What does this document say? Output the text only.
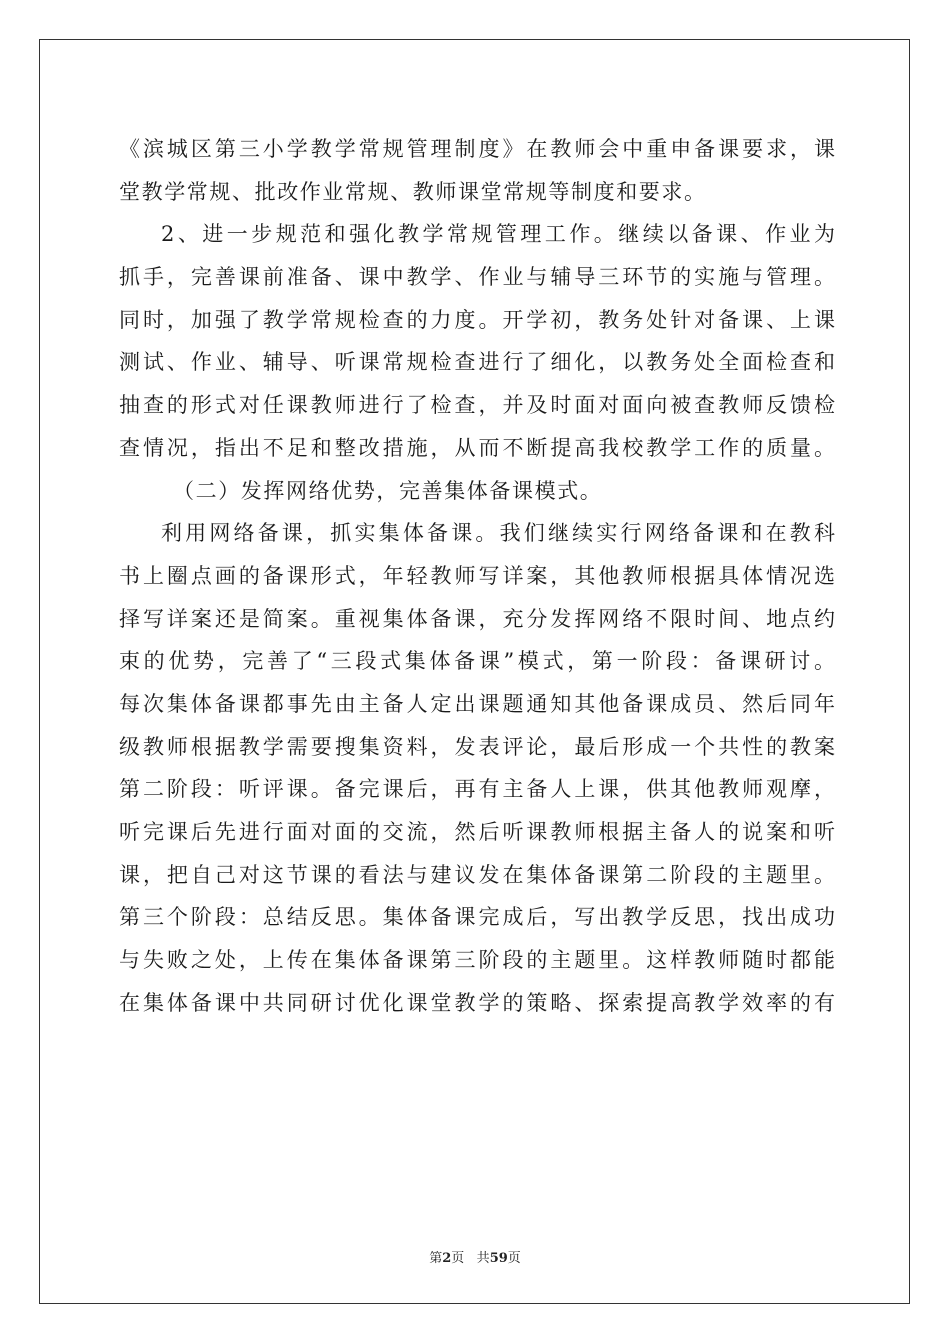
《滨城区第三小学教学常规管理制度》在教师会中重申备课要求，课
堂教学常规、批改作业常规、教师课堂常规等制度和要求。
2、进一步规范和强化教学常规管理工作。继续以备课、作业为
抓手，完善课前准备、课中教学、作业与辅导三环节的实施与管理。
同时，加强了教学常规检查的力度。开学初，教务处针对备课、上课
测试、作业、辅导、听课常规检查进行了细化，以教务处全面检查和
抽查的形式对任课教师进行了检查，并及时面对面向被查教师反馈检
查情况，指出不足和整改措施，从而不断提高我校教学工作的质量。
（二）发挥网络优势，完善集体备课模式。
利用网络备课，抓实集体备课。我们继续实行网络备课和在教科
书上圈点画的备课形式，年轻教师写详案，其他教师根据具体情况选
择写详案还是简案。重视集体备课，充分发挥网络不限时间、地点约
束的优势，完善了“三段式集体备课”模式，第一阶段：备课研讨。
每次集体备课都事先由主备人定出课题通知其他备课成员、然后同年
级教师根据教学需要搜集资料，发表评论，最后形成一个共性的教案
第二阶段：听评课。备完课后，再有主备人上课，供其他教师观摩，
听完课后先进行面对面的交流，然后听课教师根据主备人的说案和听
课，把自己对这节课的看法与建议发在集体备课第二阶段的主题里。
第三个阶段：总结反思。集体备课完成后，写出教学反思，找出成功
与失败之处，上传在集体备课第三阶段的主题里。这样教师随时都能
在集体备课中共同研讨优化课堂教学的策略、探索提高教学效率的有
第2页 共59页
